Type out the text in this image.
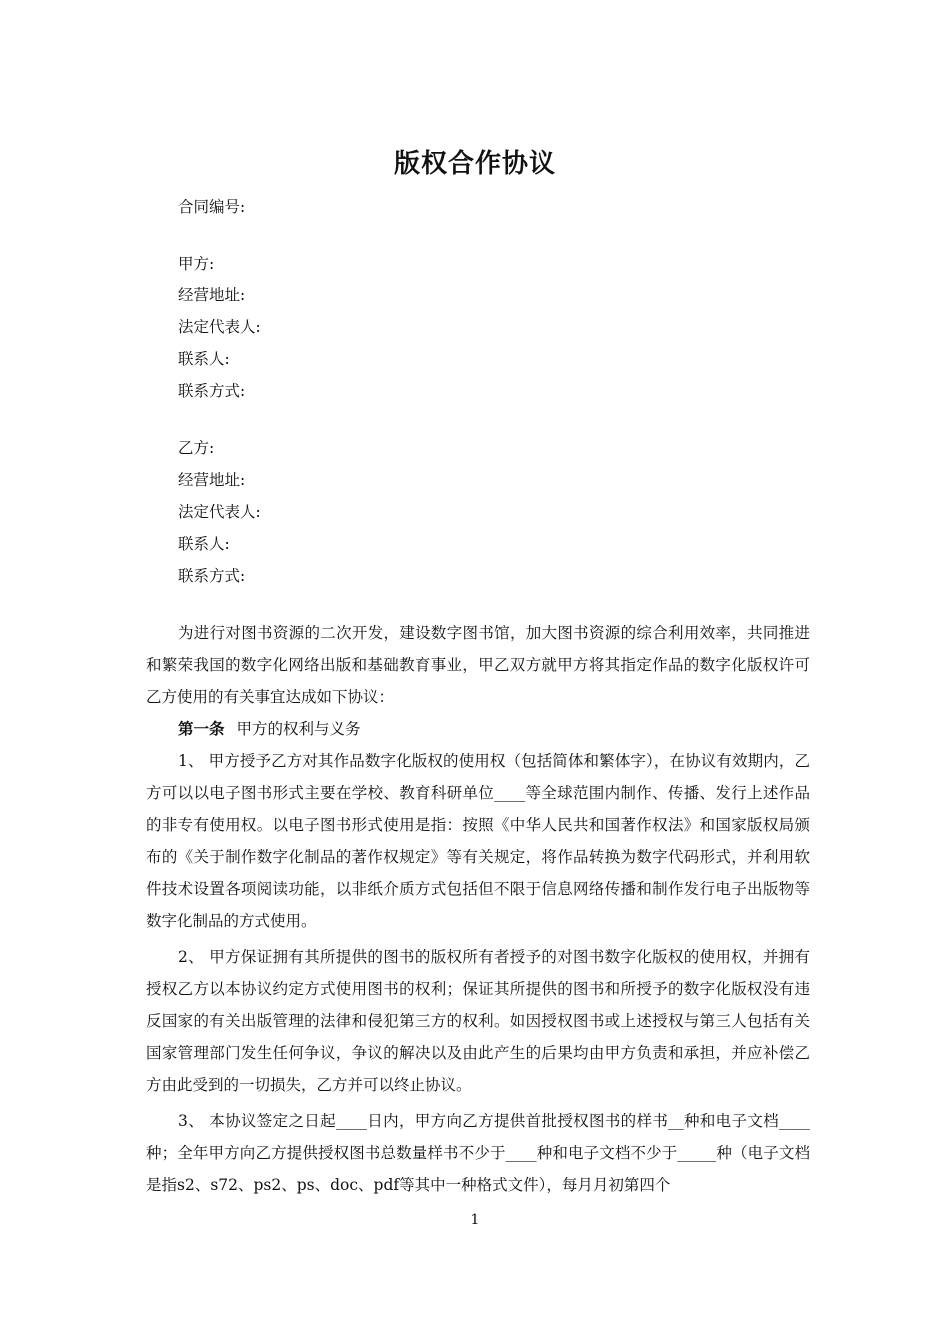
版权合作协议
合同编号:
甲方:
经营地址:
法定代表人:
联系人:
联系方式:
乙方:
经营地址:
法定代表人:
联系人:
联系方式:

为进行对图书资源的二次开发，建设数字图书馆，加大图书资源的综合利用效率，共同推进和繁荣我国的数字化网络出版和基础教育事业，甲乙双方就甲方将其指定作品的数字化版权许可乙方使用的有关事宜达成如下协议：

第一条 甲方的权利与义务

1、 甲方授予乙方对其作品数字化版权的使用权（包括简体和繁体字），在协议有效期内，乙方可以以电子图书形式主要在学校、教育科研单位____等全球范围内制作、传播、发行上述作品的非专有使用权。以电子图书形式使用是指：按照《中华人民共和国著作权法》和国家版权局颁布的《关于制作数字化制品的著作权规定》等有关规定，将作品转换为数字代码形式，并利用软件技术设置各项阅读功能，以非纸介质方式包括但不限于信息网络传播和制作发行电子出版物等数字化制品的方式使用。

2、 甲方保证拥有其所提供的图书的版权所有者授予的对图书数字化版权的使用权，并拥有授权乙方以本协议约定方式使用图书的权利；保证其所提供的图书和所授予的数字化版权没有违反国家的有关出版管理的法律和侵犯第三方的权利。如因授权图书或上述授权与第三人包括有关国家管理部门发生任何争议，争议的解决以及由此产生的后果均由甲方负责和承担，并应补偿乙方由此受到的一切损失，乙方并可以终止协议。

3、 本协议签定之日起____日内，甲方向乙方提供首批授权图书的样书__种和电子文档____种；全年甲方向乙方提供授权图书总数量样书不少于____种和电子文档不少于_____种（电子文档是指s2、s72、ps2、ps、doc、pdf等其中一种格式文件），每月月初第四个

1
